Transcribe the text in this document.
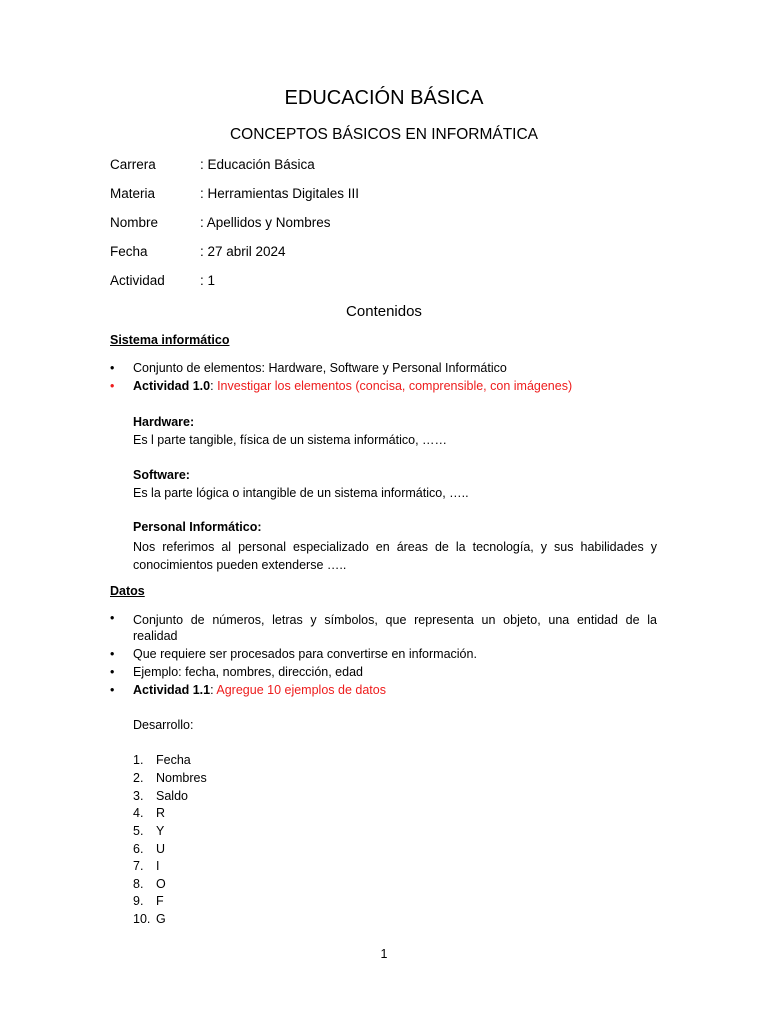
EDUCACIÓN BÁSICA
CONCEPTOS BÁSICOS EN INFORMÁTICA
Carrera	: Educación Básica
Materia	: Herramientas Digitales III
Nombre	: Apellidos y Nombres
Fecha	: 27 abril 2024
Actividad	: 1
Contenidos
Sistema informático
• Conjunto de elementos: Hardware, Software y Personal Informático
• Actividad 1.0: Investigar los elementos (concisa, comprensible, con imágenes)
Hardware:
Es l parte tangible, física de un sistema informático, ……
Software:
Es la parte lógica o intangible de un sistema informático, …..
Personal Informático:
Nos referimos al personal especializado en áreas de la tecnología, y sus habilidades y
conocimientos pueden extenderse …..
Datos
• Conjunto de números, letras y símbolos, que representa un objeto, una entidad de la
realidad
• Que requiere ser procesados para convertirse en información.
• Ejemplo: fecha, nombres, dirección, edad
• Actividad 1.1: Agregue 10 ejemplos de datos
Desarrollo:
1. Fecha
2. Nombres
3. Saldo
4. R
5. Y
6. U
7. I
8. O
9. F
10. G
1
